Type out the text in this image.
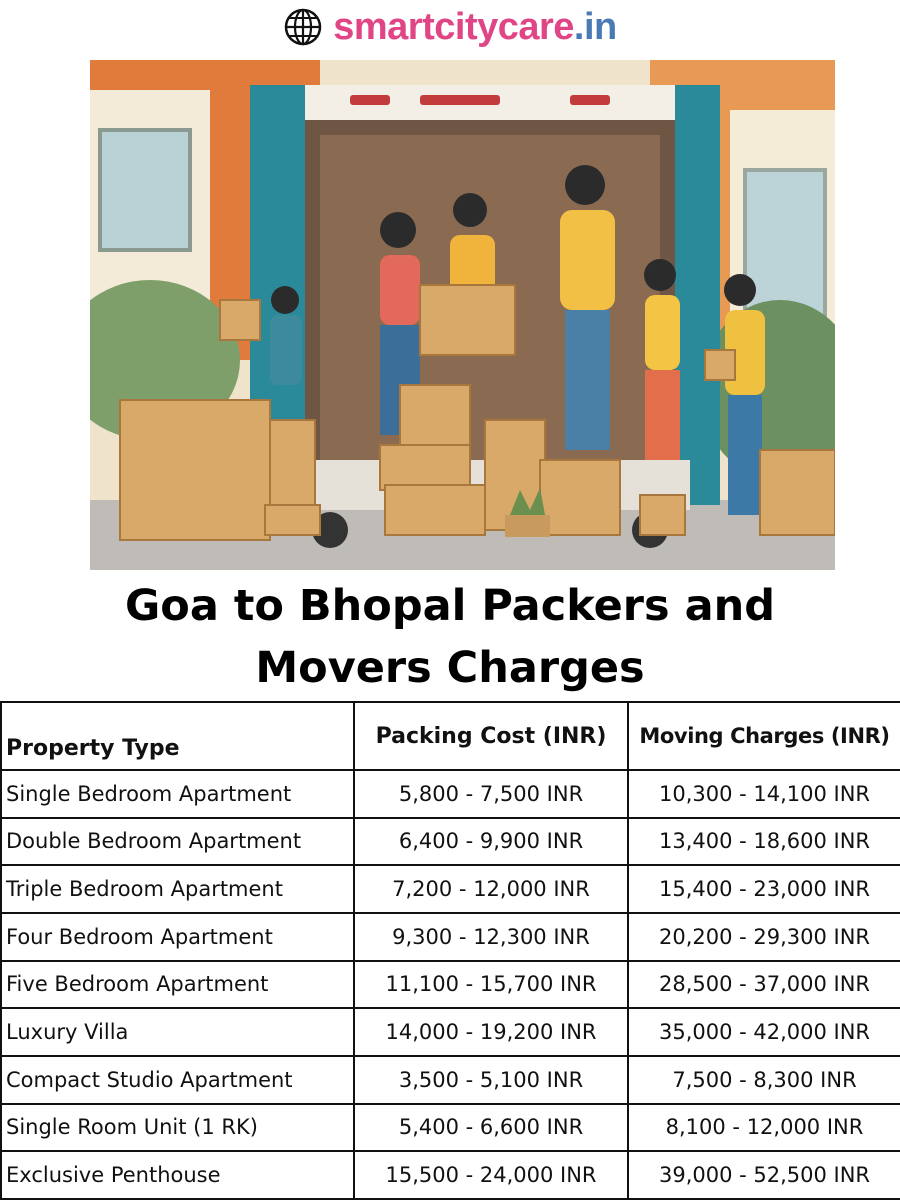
smartcitycare.in
Goa to Bhopal Packers and
Movers Charges
Property Type	Packing Cost (INR)	Moving Charges (INR)
Single Bedroom Apartment	5,800 - 7,500 INR	10,300 - 14,100 INR
Double Bedroom Apartment	6,400 - 9,900 INR	13,400 - 18,600 INR
Triple Bedroom Apartment	7,200 - 12,000 INR	15,400 - 23,000 INR
Four Bedroom Apartment	9,300 - 12,300 INR	20,200 - 29,300 INR
Five Bedroom Apartment	11,100 - 15,700 INR	28,500 - 37,000 INR
Luxury Villa	14,000 - 19,200 INR	35,000 - 42,000 INR
Compact Studio Apartment	3,500 - 5,100 INR	7,500 - 8,300 INR
Single Room Unit (1 RK)	5,400 - 6,600 INR	8,100 - 12,000 INR
Exclusive Penthouse	15,500 - 24,000 INR	39,000 - 52,500 INR
